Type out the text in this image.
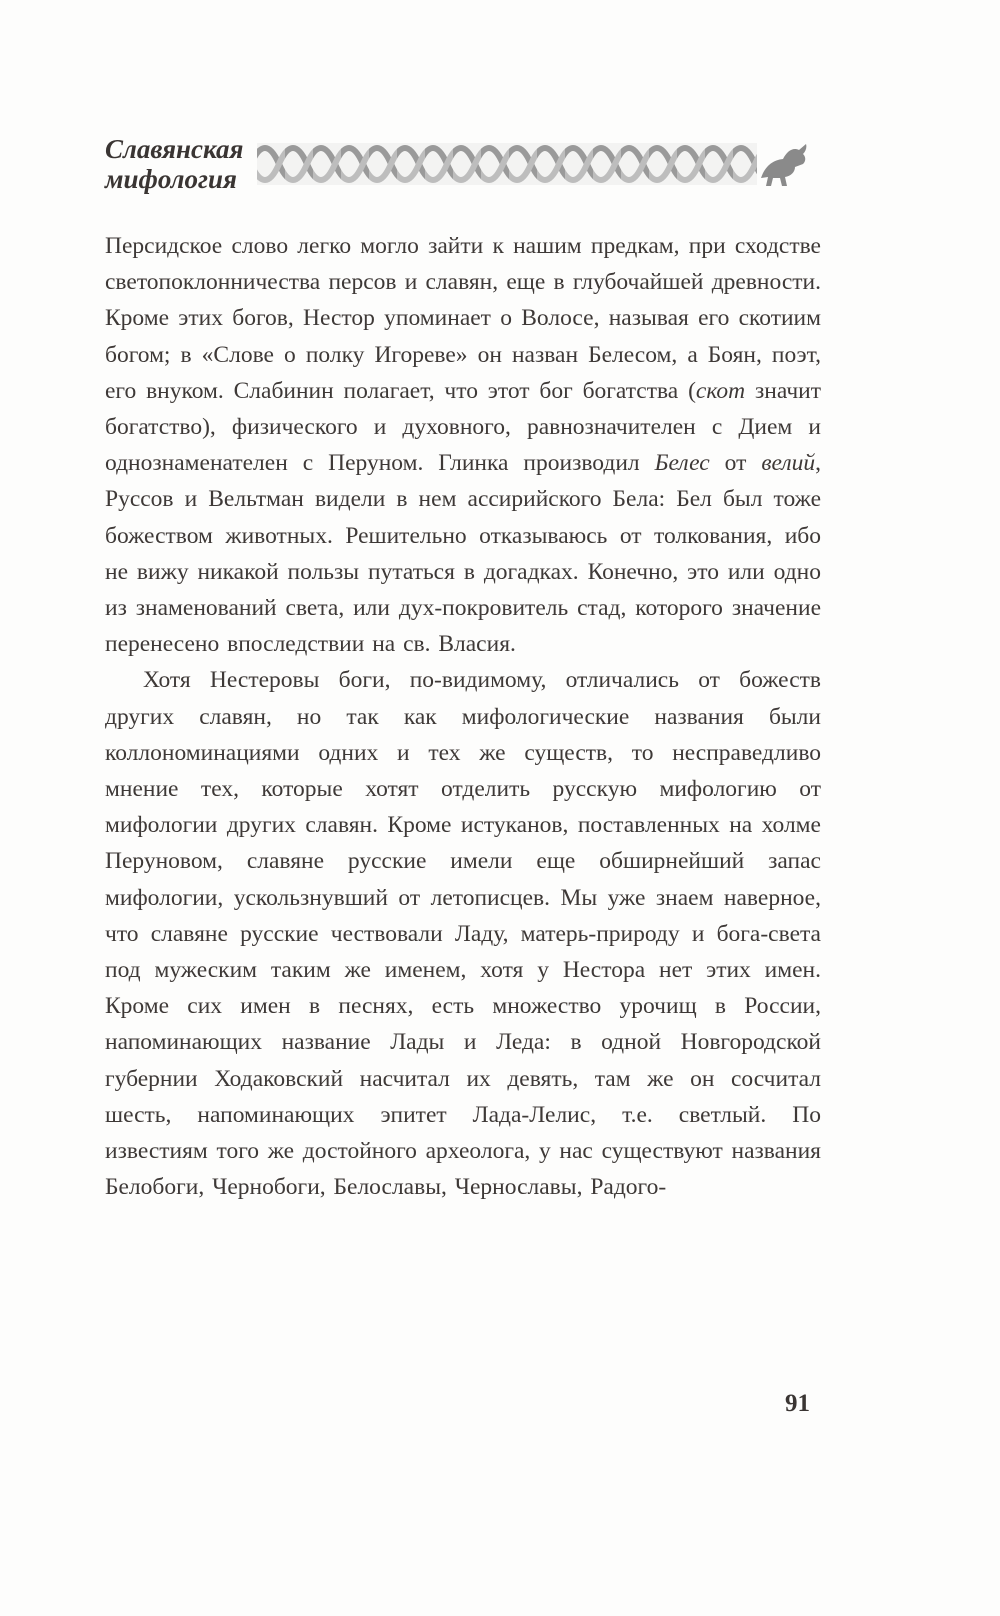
Славянская
мифология

Персидское слово легко могло зайти к нашим предкам, при сходстве светопоклонничества персов и славян, еще в глубочайшей древности. Кроме этих богов, Нестор упоминает о Волосе, называя его скотиим богом; в «Слове о полку Игореве» он назван Белесом, а Боян, поэт, его внуком. Слабинин полагает, что этот бог богатства (скот значит богатство), физического и духовного, равнозначителен с Дием и однознаменателен с Перуном. Глинка производил Белес от велий, Руссов и Вельтман видели в нем ассирийского Бела: Бел был тоже божеством животных. Решительно отказываюсь от толкования, ибо не вижу никакой пользы путаться в догадках. Конечно, это или одно из знаменований света, или дух-покровитель стад, которого значение перенесено впоследствии на св. Власия.

Хотя Нестеровы боги, по-видимому, отличались от божеств других славян, но так как мифологические названия были коллономинациями одних и тех же существ, то несправедливо мнение тех, которые хотят отделить русскую мифологию от мифологии других славян. Кроме истуканов, поставленных на холме Перуновом, славяне русские имели еще обширнейший запас мифологии, ускользнувший от летописцев. Мы уже знаем наверное, что славяне русские чествовали Ладу, матерь-природу и бога-света под мужеским таким же именем, хотя у Нестора нет этих имен. Кроме сих имен в песнях, есть множество урочищ в России, напоминающих название Лады и Леда: в одной Новгородской губернии Ходаковский насчитал их девять, там же он сосчитал шесть, напоминающих эпитет Лада-Лелис, т.е. светлый. По известиям того же достойного археолога, у нас существуют названия Белобоги, Чернобоги, Белославы, Чернославы, Радого-

91
